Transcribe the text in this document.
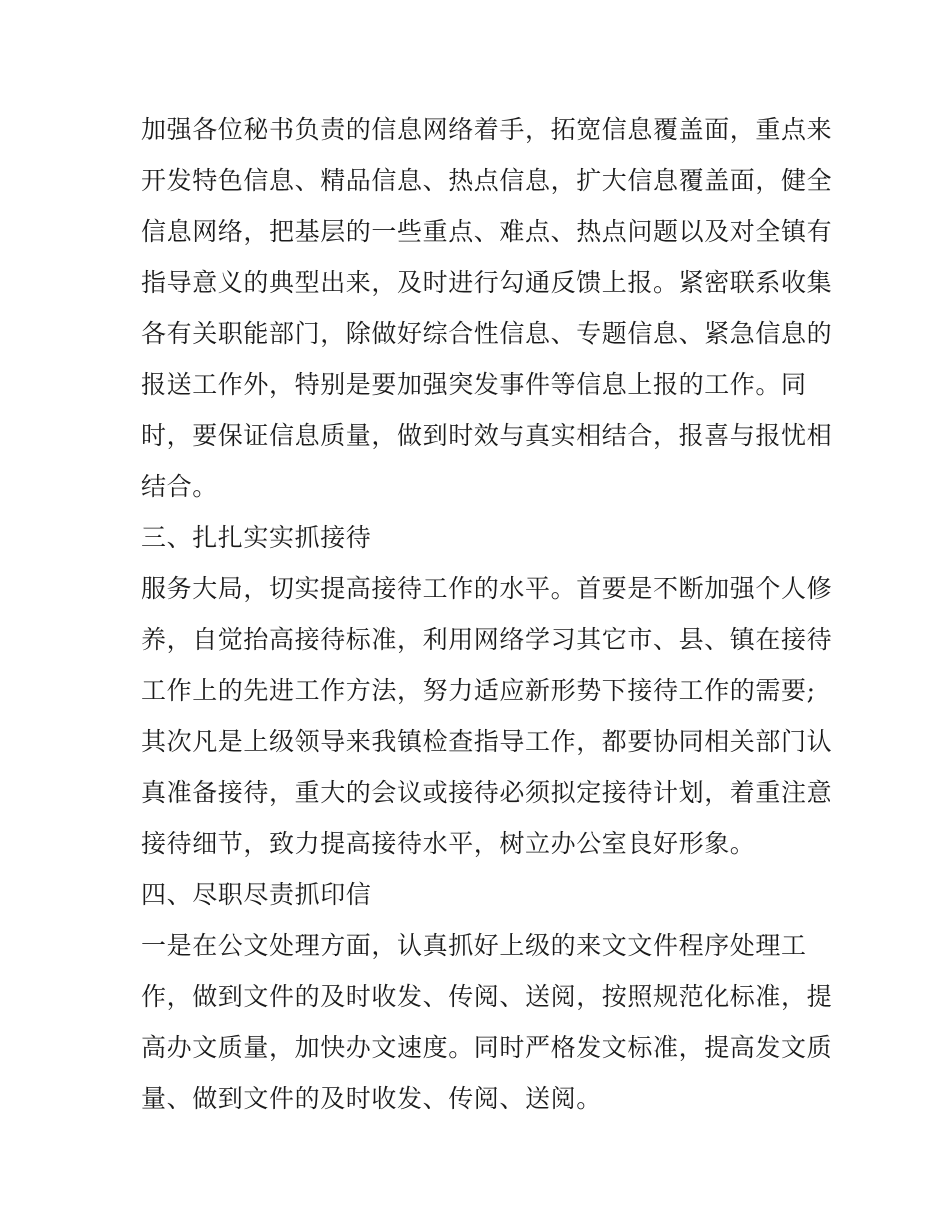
加强各位秘书负责的信息网络着手，拓宽信息覆盖面，重点来
开发特色信息、精品信息、热点信息，扩大信息覆盖面，健全
信息网络，把基层的一些重点、难点、热点问题以及对全镇有
指导意义的典型出来，及时进行勾通反馈上报。紧密联系收集
各有关职能部门，除做好综合性信息、专题信息、紧急信息的
报送工作外，特别是要加强突发事件等信息上报的工作。同
时，要保证信息质量，做到时效与真实相结合，报喜与报忧相
结合。
三、扎扎实实抓接待
服务大局，切实提高接待工作的水平。首要是不断加强个人修
养，自觉抬高接待标准，利用网络学习其它市、县、镇在接待
工作上的先进工作方法，努力适应新形势下接待工作的需要;
其次凡是上级领导来我镇检查指导工作，都要协同相关部门认
真准备接待，重大的会议或接待必须拟定接待计划，着重注意
接待细节，致力提高接待水平，树立办公室良好形象。
四、尽职尽责抓印信
一是在公文处理方面，认真抓好上级的来文文件程序处理工
作，做到文件的及时收发、传阅、送阅，按照规范化标准，提
高办文质量，加快办文速度。同时严格发文标准，提高发文质
量、做到文件的及时收发、传阅、送阅。
